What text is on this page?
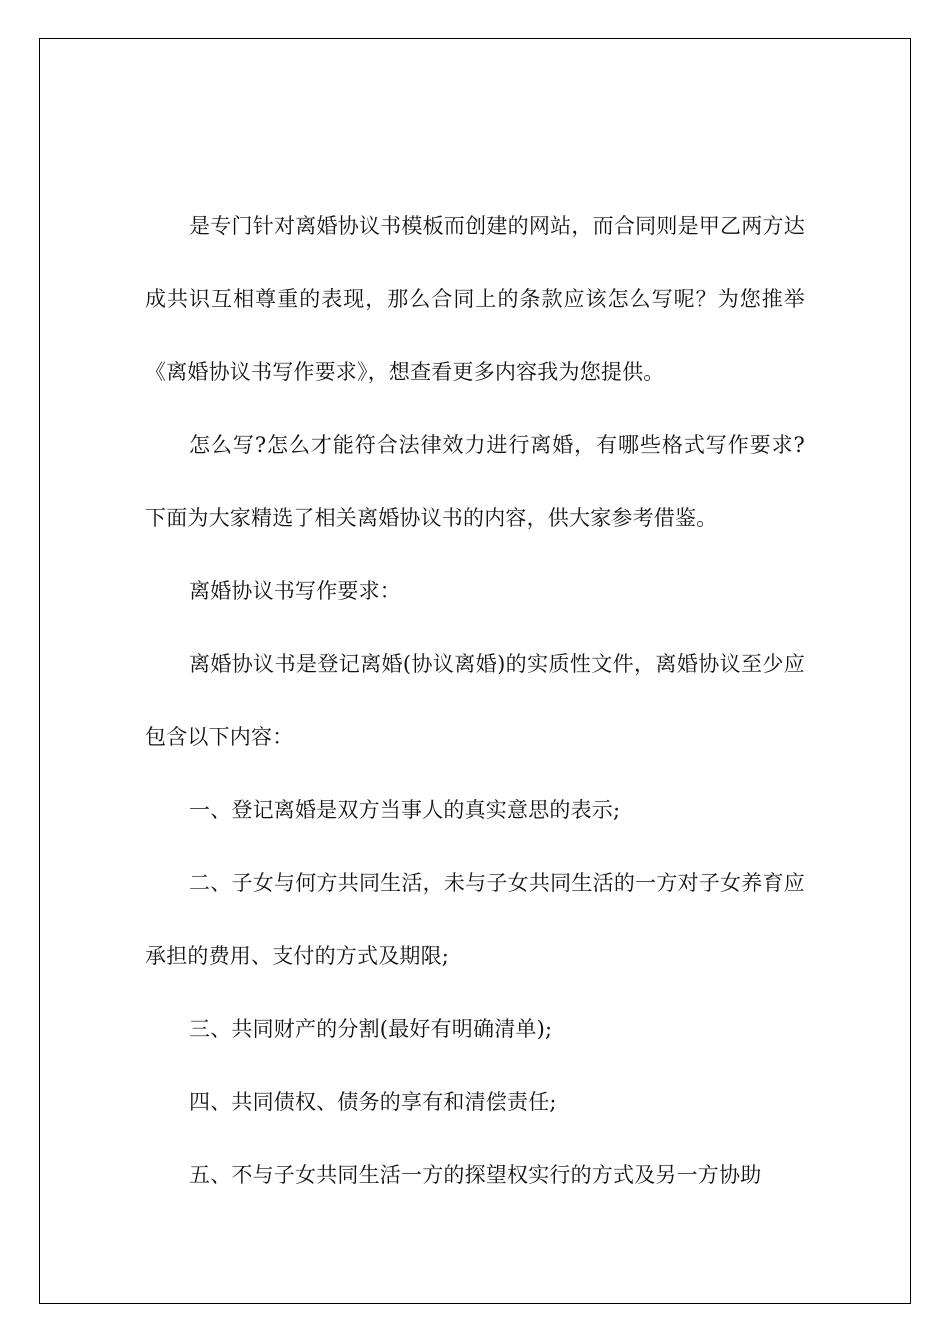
是专门针对离婚协议书模板而创建的网站，而合同则是甲乙两方达成共识互相尊重的表现，那么合同上的条款应该怎么写呢？为您推举《离婚协议书写作要求》，想查看更多内容我为您提供。

怎么写?怎么才能符合法律效力进行离婚，有哪些格式写作要求?下面为大家精选了相关离婚协议书的内容，供大家参考借鉴。

离婚协议书写作要求：

离婚协议书是登记离婚(协议离婚)的实质性文件，离婚协议至少应包含以下内容：

一、登记离婚是双方当事人的真实意思的表示;

二、子女与何方共同生活，未与子女共同生活的一方对子女养育应承担的费用、支付的方式及期限;

三、共同财产的分割(最好有明确清单);

四、共同债权、债务的享有和清偿责任;

五、不与子女共同生活一方的探望权实行的方式及另一方协助
